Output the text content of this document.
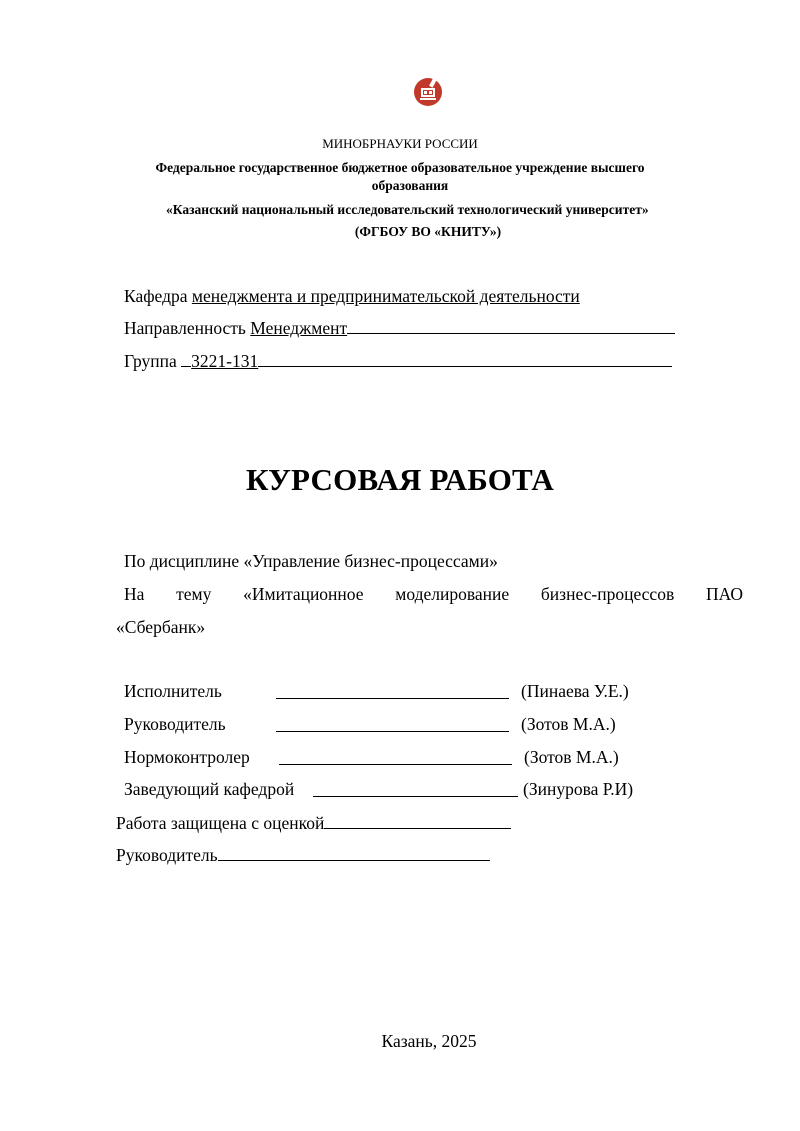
МИНОБРНАУКИ РОССИИ
Федеральное государственное бюджетное образовательное учреждение высшего
образования
«Казанский национальный исследовательский технологический университет»
(ФГБОУ ВО «КНИТУ»)
Кафедра менеджмента и предпринимательской деятельности
Направленность Менеджмент
Группа 3221-131
КУРСОВАЯ РАБОТА
По дисциплине «Управление бизнес-процессами»
На тему «Имитационное моделирование бизнес-процессов ПАО
«Сбербанк»
Исполнитель	(Пинаева У.Е.)
Руководитель	(Зотов М.А.)
Нормоконтролер	(Зотов М.А.)
Заведующий кафедрой	(Зинурова Р.И)
Работа защищена с оценкой
Руководитель
Казань, 2025
